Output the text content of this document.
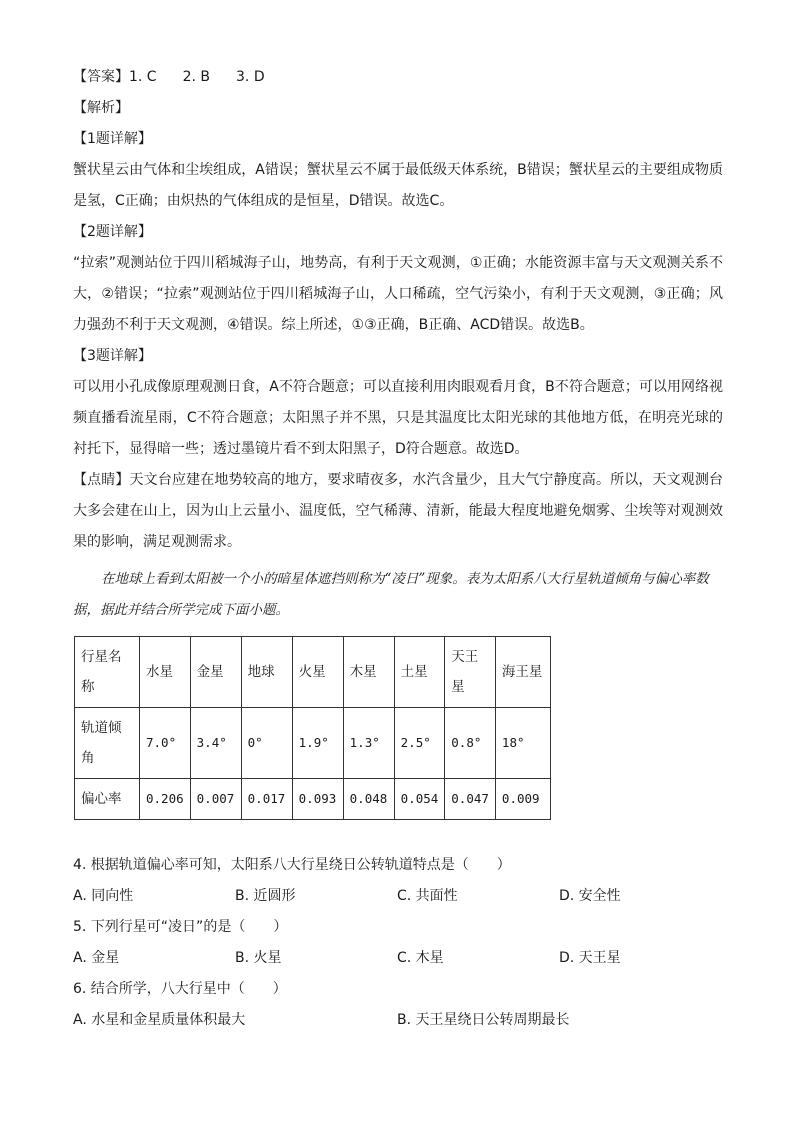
【答案】1. C 2. B 3. D
【解析】
【1题详解】
蟹状星云由气体和尘埃组成，A错误；蟹状星云不属于最低级天体系统，B错误；蟹状星云的主要组成物质是氢，C正确；由炽热的气体组成的是恒星，D错误。故选C。
【2题详解】
“拉索”观测站位于四川稻城海子山，地势高，有利于天文观测，①正确；水能资源丰富与天文观测关系不大，②错误；“拉索”观测站位于四川稻城海子山，人口稀疏，空气污染小，有利于天文观测，③正确；风力强劲不利于天文观测，④错误。综上所述，①③正确，B正确、ACD错误。故选B。
【3题详解】
可以用小孔成像原理观测日食，A不符合题意；可以直接利用肉眼观看月食，B不符合题意；可以用网络视频直播看流星雨，C不符合题意；太阳黑子并不黑，只是其温度比太阳光球的其他地方低，在明亮光球的衬托下，显得暗一些；透过墨镜片看不到太阳黑子，D符合题意。故选D。
【点睛】天文台应建在地势较高的地方，要求晴夜多，水汽含量少，且大气宁静度高。所以，天文观测台大多会建在山上，因为山上云量小、温度低，空气稀薄、清新，能最大程度地避免烟雾、尘埃等对观测效果的影响，满足观测需求。
在地球上看到太阳被一个小的暗星体遮挡则称为“凌日”现象。表为太阳系八大行星轨道倾角与偏心率数据，据此并结合所学完成下面小题。
行星名称	水星	金星	地球	火星	木星	土星	天王星	海王星
轨道倾角	7.0°	3.4°	0°	1.9°	1.3°	2.5°	0.8°	18°
偏心率	0.206	0.007	0.017	0.093	0.048	0.054	0.047	0.009
4. 根据轨道偏心率可知，太阳系八大行星绕日公转轨道特点是（　　）
A. 同向性	B. 近圆形	C. 共面性	D. 安全性
5. 下列行星可“凌日”的是（　　）
A. 金星	B. 火星	C. 木星	D. 天王星
6. 结合所学，八大行星中（　　）
A. 水星和金星质量体积最大	B. 天王星绕日公转周期最长
